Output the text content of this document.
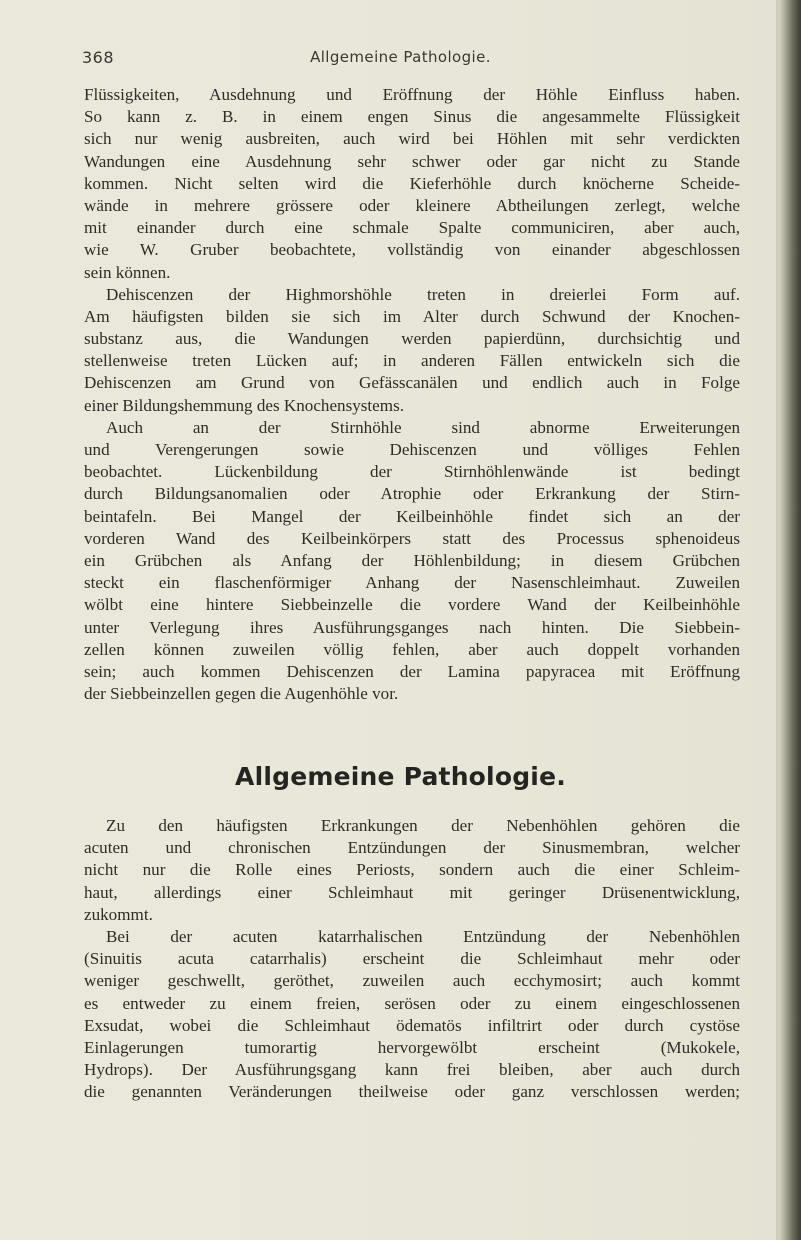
368	Allgemeine Pathologie.
Flüssigkeiten, Ausdehnung und Eröffnung der Höhle Einfluss haben.
So kann z. B. in einem engen Sinus die angesammelte Flüssigkeit
sich nur wenig ausbreiten, auch wird bei Höhlen mit sehr verdickten
Wandungen eine Ausdehnung sehr schwer oder gar nicht zu Stande
kommen. Nicht selten wird die Kieferhöhle durch knöcherne Scheide-
wände in mehrere grössere oder kleinere Abtheilungen zerlegt, welche
mit einander durch eine schmale Spalte communiciren, aber auch,
wie W. Gruber beobachtete, vollständig von einander abgeschlossen
sein können.
Dehiscenzen der Highmorshöhle treten in dreierlei Form auf.
Am häufigsten bilden sie sich im Alter durch Schwund der Knochen-
substanz aus, die Wandungen werden papierdünn, durchsichtig und
stellenweise treten Lücken auf; in anderen Fällen entwickeln sich die
Dehiscenzen am Grund von Gefässcanälen und endlich auch in Folge
einer Bildungshemmung des Knochensystems.
Auch an der Stirnhöhle sind abnorme Erweiterungen
und Verengerungen sowie Dehiscenzen und völliges Fehlen
beobachtet. Lückenbildung der Stirnhöhlenwände ist bedingt
durch Bildungsanomalien oder Atrophie oder Erkrankung der Stirn-
beintafeln. Bei Mangel der Keilbeinhöhle findet sich an der
vorderen Wand des Keilbeinkörpers statt des Processus sphenoideus
ein Grübchen als Anfang der Höhlenbildung; in diesem Grübchen
steckt ein flaschenförmiger Anhang der Nasenschleimhaut. Zuweilen
wölbt eine hintere Siebbeinzelle die vordere Wand der Keilbeinhöhle
unter Verlegung ihres Ausführungsganges nach hinten. Die Siebbein-
zellen können zuweilen völlig fehlen, aber auch doppelt vorhanden
sein; auch kommen Dehiscenzen der Lamina papyracea mit Eröffnung
der Siebbeinzellen gegen die Augenhöhle vor.
Allgemeine Pathologie.
Zu den häufigsten Erkrankungen der Nebenhöhlen gehören die
acuten und chronischen Entzündungen der Sinusmembran, welcher
nicht nur die Rolle eines Periosts, sondern auch die einer Schleim-
haut, allerdings einer Schleimhaut mit geringer Drüsenentwicklung,
zukommt.
Bei der acuten katarrhalischen Entzündung der Nebenhöhlen
(Sinuitis acuta catarrhalis) erscheint die Schleimhaut mehr oder
weniger geschwellt, geröthet, zuweilen auch ecchymosirt; auch kommt
es entweder zu einem freien, serösen oder zu einem eingeschlossenen
Exsudat, wobei die Schleimhaut ödematös infiltrirt oder durch cystöse
Einlagerungen tumorartig hervorgewölbt erscheint (Mukokele,
Hydrops). Der Ausführungsgang kann frei bleiben, aber auch durch
die genannten Veränderungen theilweise oder ganz verschlossen werden;
